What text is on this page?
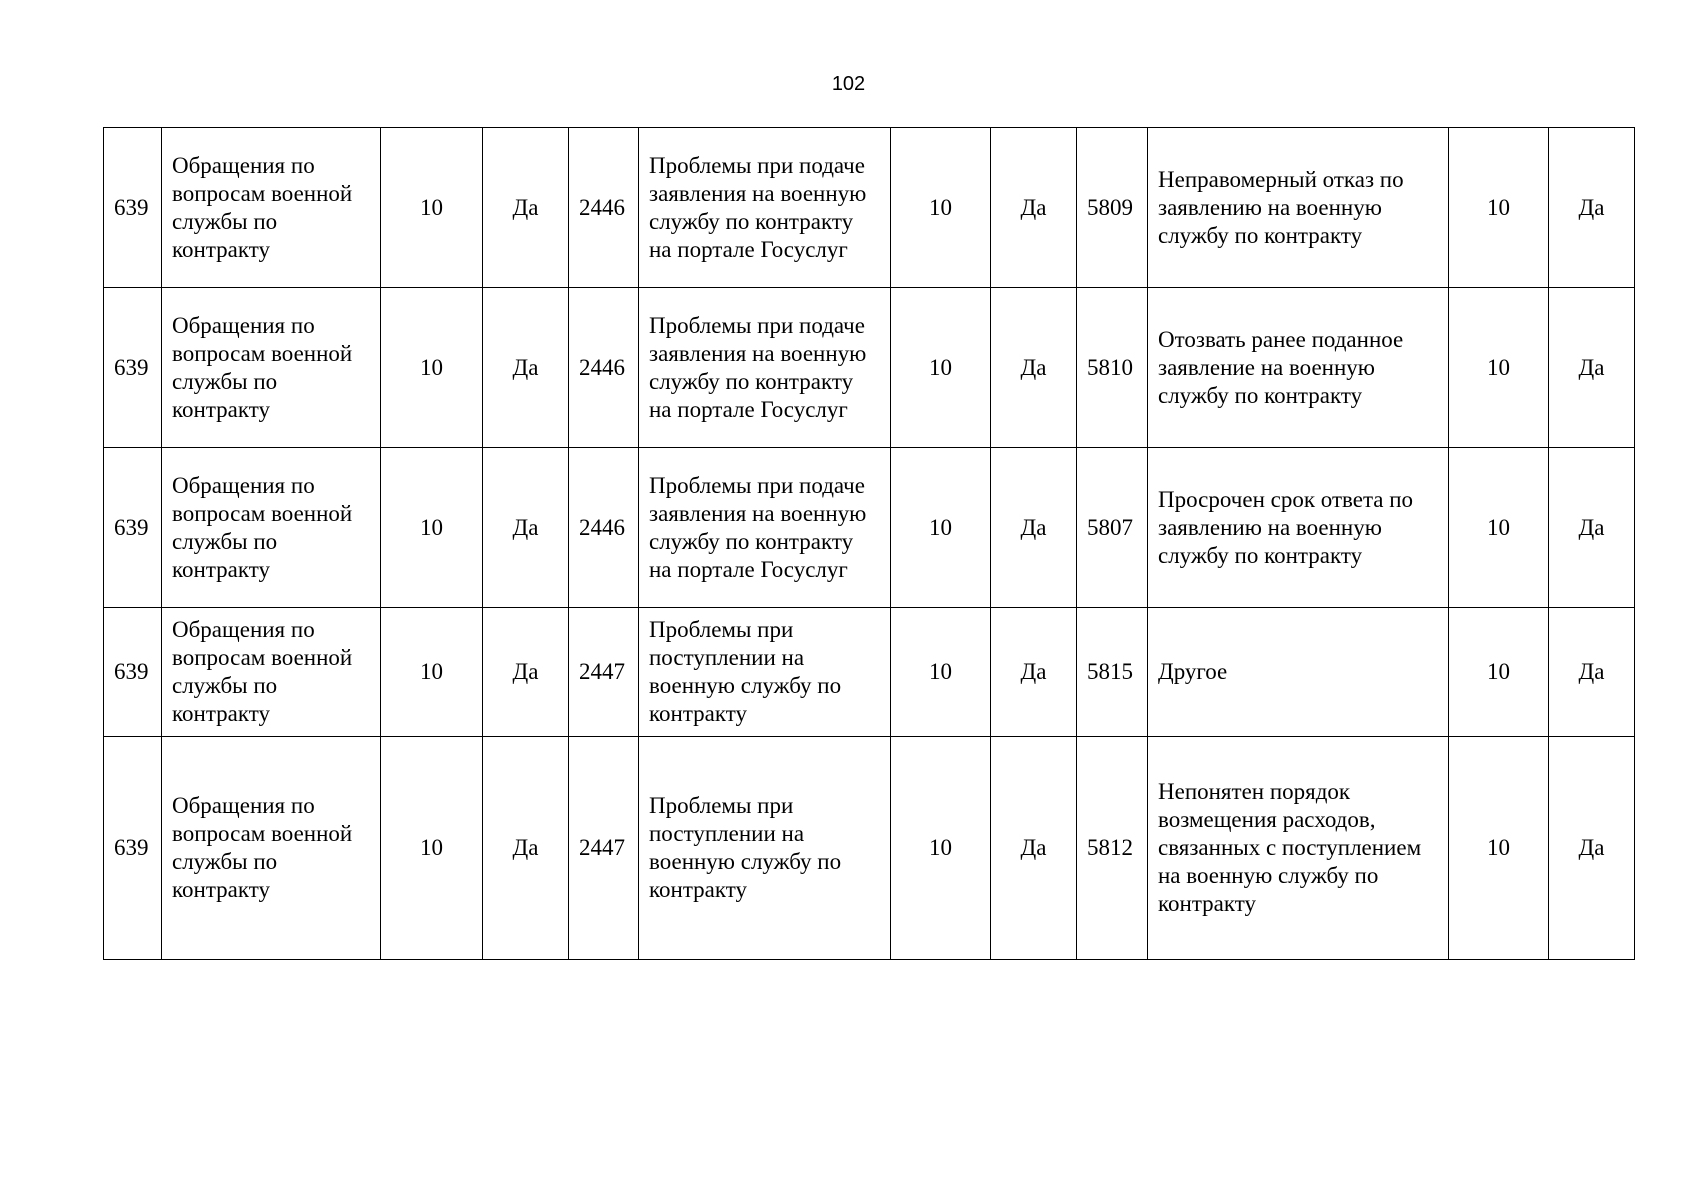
102
639	Обращения по вопросам военной службы по контракту	10	Да	2446	Проблемы при подаче заявления на военную службу по контракту на портале Госуслуг	10	Да	5809	Неправомерный отказ по заявлению на военную службу по контракту	10	Да
639	Обращения по вопросам военной службы по контракту	10	Да	2446	Проблемы при подаче заявления на военную службу по контракту на портале Госуслуг	10	Да	5810	Отозвать ранее поданное заявление на военную службу по контракту	10	Да
639	Обращения по вопросам военной службы по контракту	10	Да	2446	Проблемы при подаче заявления на военную службу по контракту на портале Госуслуг	10	Да	5807	Просрочен срок ответа по заявлению на военную службу по контракту	10	Да
639	Обращения по вопросам военной службы по контракту	10	Да	2447	Проблемы при поступлении на военную службу по контракту	10	Да	5815	Другое	10	Да
639	Обращения по вопросам военной службы по контракту	10	Да	2447	Проблемы при поступлении на военную службу по контракту	10	Да	5812	Непонятен порядок возмещения расходов, связанных с поступлением на военную службу по контракту	10	Да
